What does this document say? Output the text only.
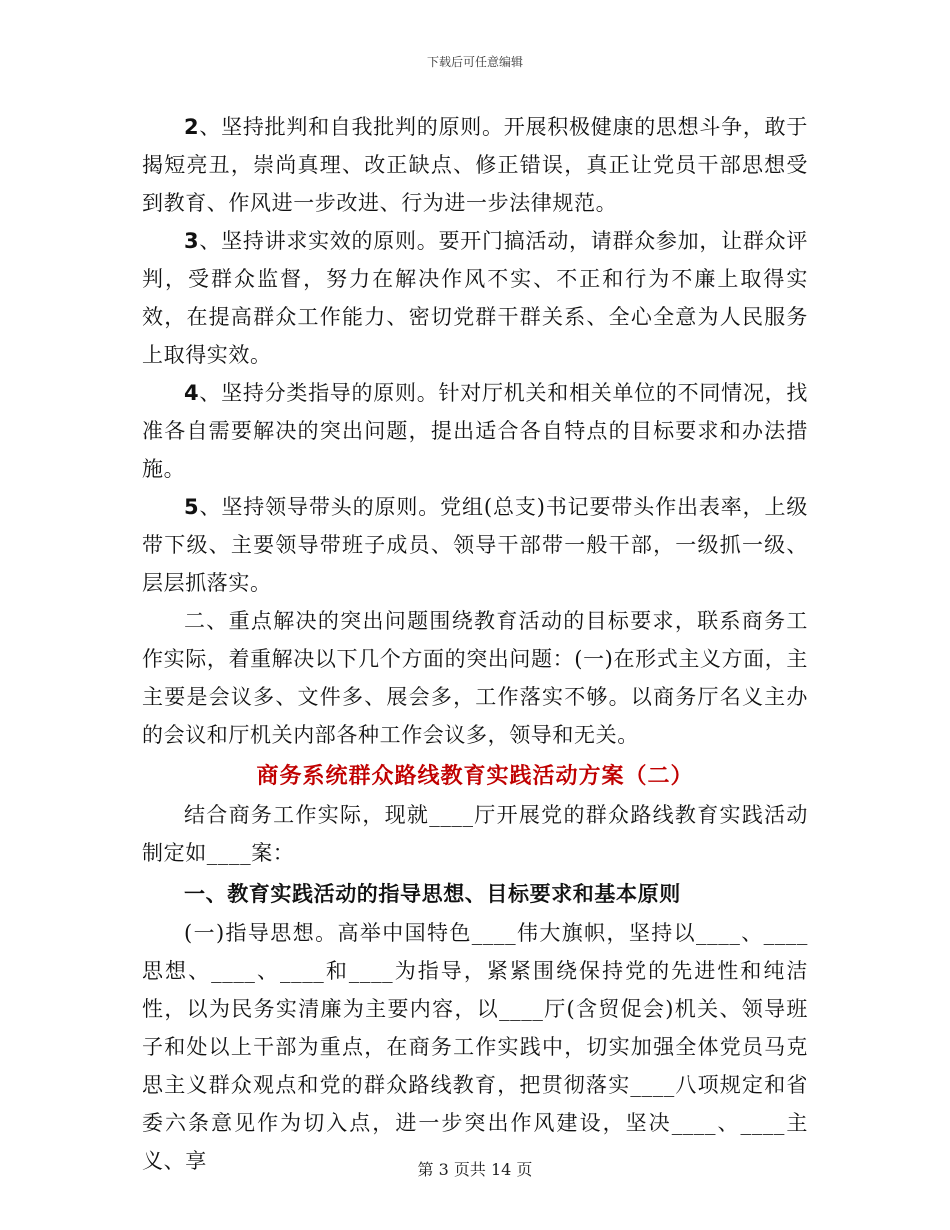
下载后可任意编辑

2、坚持批判和自我批判的原则。开展积极健康的思想斗争，敢于揭短亮丑，崇尚真理、改正缺点、修正错误，真正让党员干部思想受到教育、作风进一步改进、行为进一步法律规范。

3、坚持讲求实效的原则。要开门搞活动，请群众参加，让群众评判，受群众监督，努力在解决作风不实、不正和行为不廉上取得实效，在提高群众工作能力、密切党群干群关系、全心全意为人民服务上取得实效。

4、坚持分类指导的原则。针对厅机关和相关单位的不同情况，找准各自需要解决的突出问题，提出适合各自特点的目标要求和办法措施。

5、坚持领导带头的原则。党组(总支)书记要带头作出表率，上级带下级、主要领导带班子成员、领导干部带一般干部，一级抓一级、层层抓落实。

二、重点解决的突出问题围绕教育活动的目标要求，联系商务工作实际，着重解决以下几个方面的突出问题：(一)在形式主义方面，主主要是会议多、文件多、展会多，工作落实不够。以商务厅名义主办的会议和厅机关内部各种工作会议多，领导和无关。

商务系统群众路线教育实践活动方案（二）

结合商务工作实际，现就____厅开展党的群众路线教育实践活动制定如____案：

一、教育实践活动的指导思想、目标要求和基本原则

(一)指导思想。高举中国特色____伟大旗帜，坚持以____、____思想、____、____和____为指导，紧紧围绕保持党的先进性和纯洁性，以为民务实清廉为主要内容，以____厅(含贸促会)机关、领导班子和处以上干部为重点，在商务工作实践中，切实加强全体党员马克思主义群众观点和党的群众路线教育，把贯彻落实____八项规定和省委六条意见作为切入点，进一步突出作风建设，坚决____、____主义、享	第 3 页共 14 页
